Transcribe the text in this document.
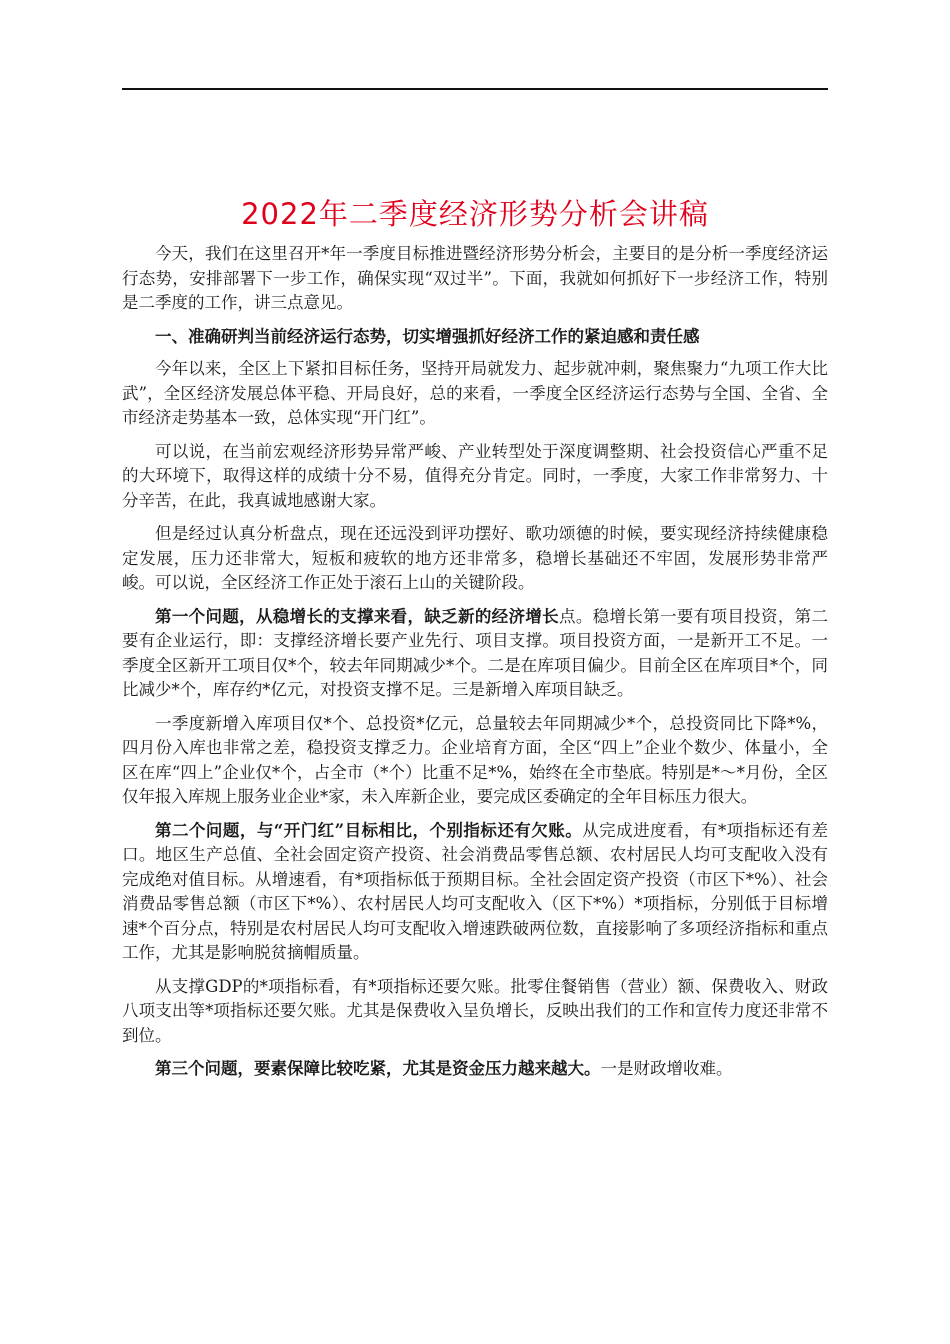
2022年二季度经济形势分析会讲稿

今天，我们在这里召开*年一季度目标推进暨经济形势分析会，主要目的是分析一季度经济运行态势，安排部署下一步工作，确保实现“双过半”。下面，我就如何抓好下一步经济工作，特别是二季度的工作，讲三点意见。

一、准确研判当前经济运行态势，切实增强抓好经济工作的紧迫感和责任感

今年以来，全区上下紧扣目标任务，坚持开局就发力、起步就冲刺，聚焦聚力“九项工作大比武”，全区经济发展总体平稳、开局良好，总的来看，一季度全区经济运行态势与全国、全省、全市经济走势基本一致，总体实现“开门红”。

可以说，在当前宏观经济形势异常严峻、产业转型处于深度调整期、社会投资信心严重不足的大环境下，取得这样的成绩十分不易，值得充分肯定。同时，一季度，大家工作非常努力、十分辛苦，在此，我真诚地感谢大家。

但是经过认真分析盘点，现在还远没到评功摆好、歌功颂德的时候，要实现经济持续健康稳定发展，压力还非常大，短板和疲软的地方还非常多，稳增长基础还不牢固，发展形势非常严峻。可以说，全区经济工作正处于滚石上山的关键阶段。

第一个问题，从稳增长的支撑来看，缺乏新的经济增长点。稳增长第一要有项目投资，第二要有企业运行，即：支撑经济增长要产业先行、项目支撑。项目投资方面，一是新开工不足。一季度全区新开工项目仅*个，较去年同期减少*个。二是在库项目偏少。目前全区在库项目*个，同比减少*个，库存约*亿元，对投资支撑不足。三是新增入库项目缺乏。

一季度新增入库项目仅*个、总投资*亿元，总量较去年同期减少*个，总投资同比下降*%，四月份入库也非常之差，稳投资支撑乏力。企业培育方面，全区“四上”企业个数少、体量小，全区在库“四上”企业仅*个，占全市（*个）比重不足*%，始终在全市垫底。特别是*～*月份，全区仅年报入库规上服务业企业*家，未入库新企业，要完成区委确定的全年目标压力很大。

第二个问题，与“开门红”目标相比，个别指标还有欠账。从完成进度看，有*项指标还有差口。地区生产总值、全社会固定资产投资、社会消费品零售总额、农村居民人均可支配收入没有完成绝对值目标。从增速看，有*项指标低于预期目标。全社会固定资产投资（市区下*%）、社会消费品零售总额（市区下*%）、农村居民人均可支配收入（区下*%）*项指标，分别低于目标增速*个百分点，特别是农村居民人均可支配收入增速跌破两位数，直接影响了多项经济指标和重点工作，尤其是影响脱贫摘帽质量。

从支撑GDP的*项指标看，有*项指标还要欠账。批零住餐销售（营业）额、保费收入、财政八项支出等*项指标还要欠账。尤其是保费收入呈负增长，反映出我们的工作和宣传力度还非常不到位。

第三个问题，要素保障比较吃紧，尤其是资金压力越来越大。一是财政增收难。
